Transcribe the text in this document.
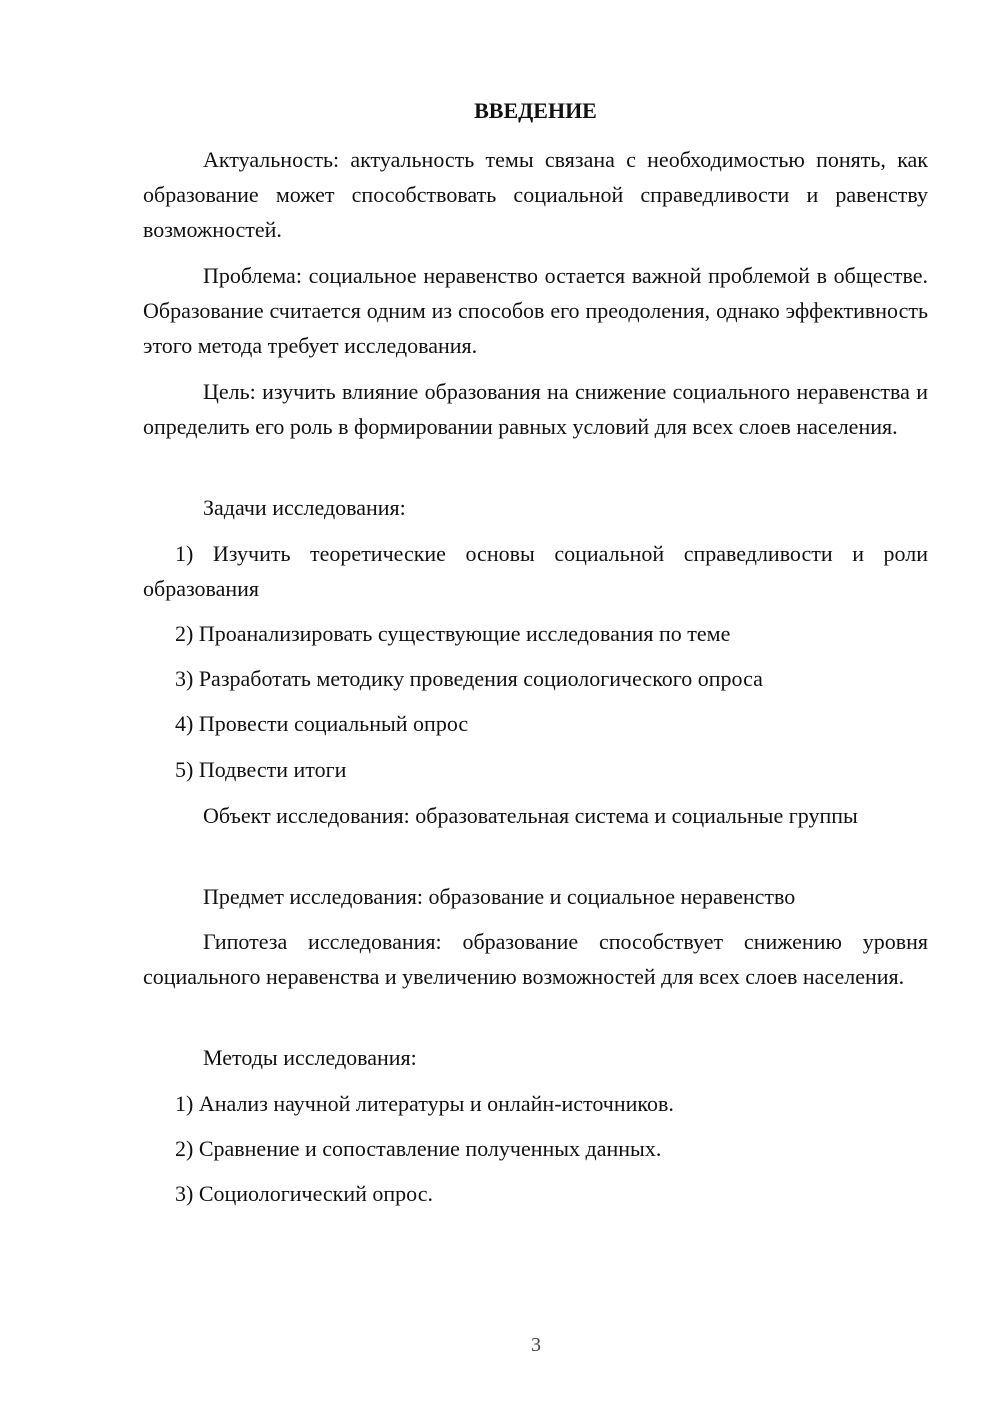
ВВЕДЕНИЕ

Актуальность: актуальность темы связана с необходимостью понять, как образование может способствовать социальной справедливости и равенству возможностей.

Проблема: социальное неравенство остается важной проблемой в обществе. Образование считается одним из способов его преодоления, однако эффективность этого метода требует исследования.

Цель: изучить влияние образования на снижение социального неравенства и определить его роль в формировании равных условий для всех слоев населения.

Задачи исследования:

1) Изучить теоретические основы социальной справедливости и роли образования

2) Проанализировать существующие исследования по теме

3) Разработать методику проведения социологического опроса

4) Провести социальный опрос

5) Подвести итоги

Объект исследования: образовательная система и социальные группы

Предмет исследования: образование и социальное неравенство

Гипотеза исследования: образование способствует снижению уровня социального неравенства и увеличению возможностей для всех слоев населения.

Методы исследования:

1) Анализ научной литературы и онлайн-источников.

2) Сравнение и сопоставление полученных данных.

3) Социологический опрос.

3
